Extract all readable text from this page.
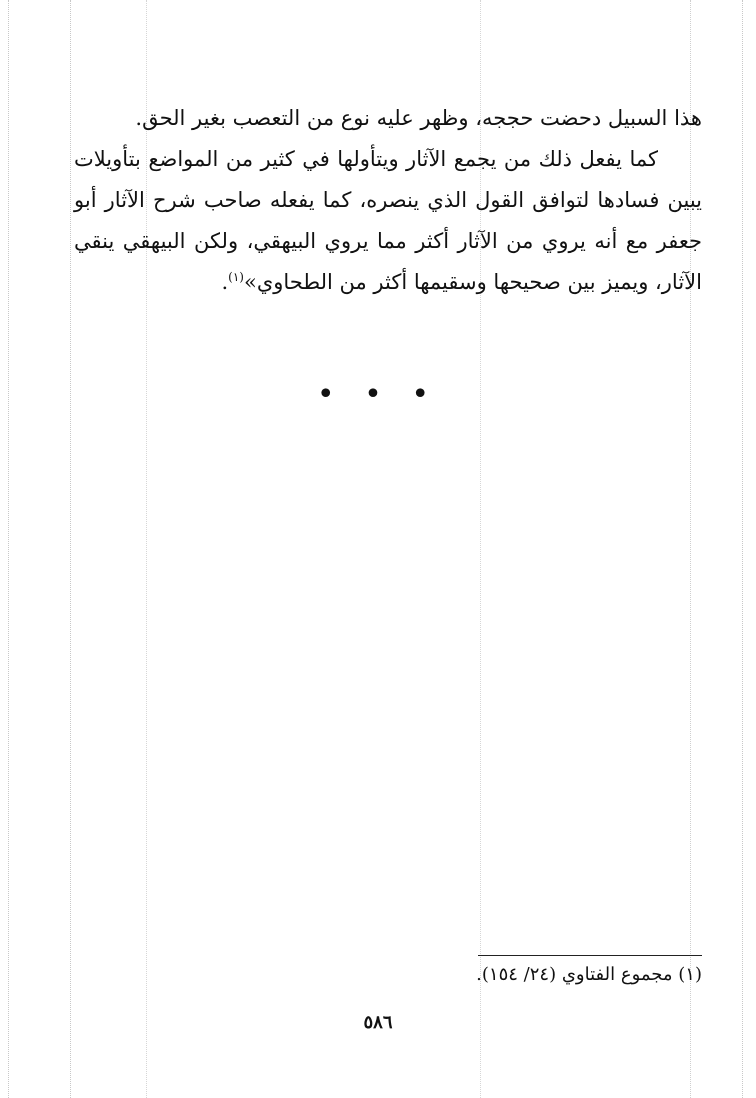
هذا السبيل دحضت حججه، وظهر عليه نوع من التعصب بغير الحق.

كما يفعل ذلك من يجمع الآثار ويتأولها في كثير من المواضع بتأويلات يبين فسادها لتوافق القول الذي ينصره، كما يفعله صاحب شرح الآثار أبو جعفر مع أنه يروي من الآثار أكثر مما يروي البيهقي، ولكن البيهقي ينقي الآثار، ويميز بين صحيحها وسقيمها أكثر من الطحاوي»$^{(١)}$.

• • •
(١) مجموع الفتاوي (٢٤/ ١٥٤).
٥٨٦
